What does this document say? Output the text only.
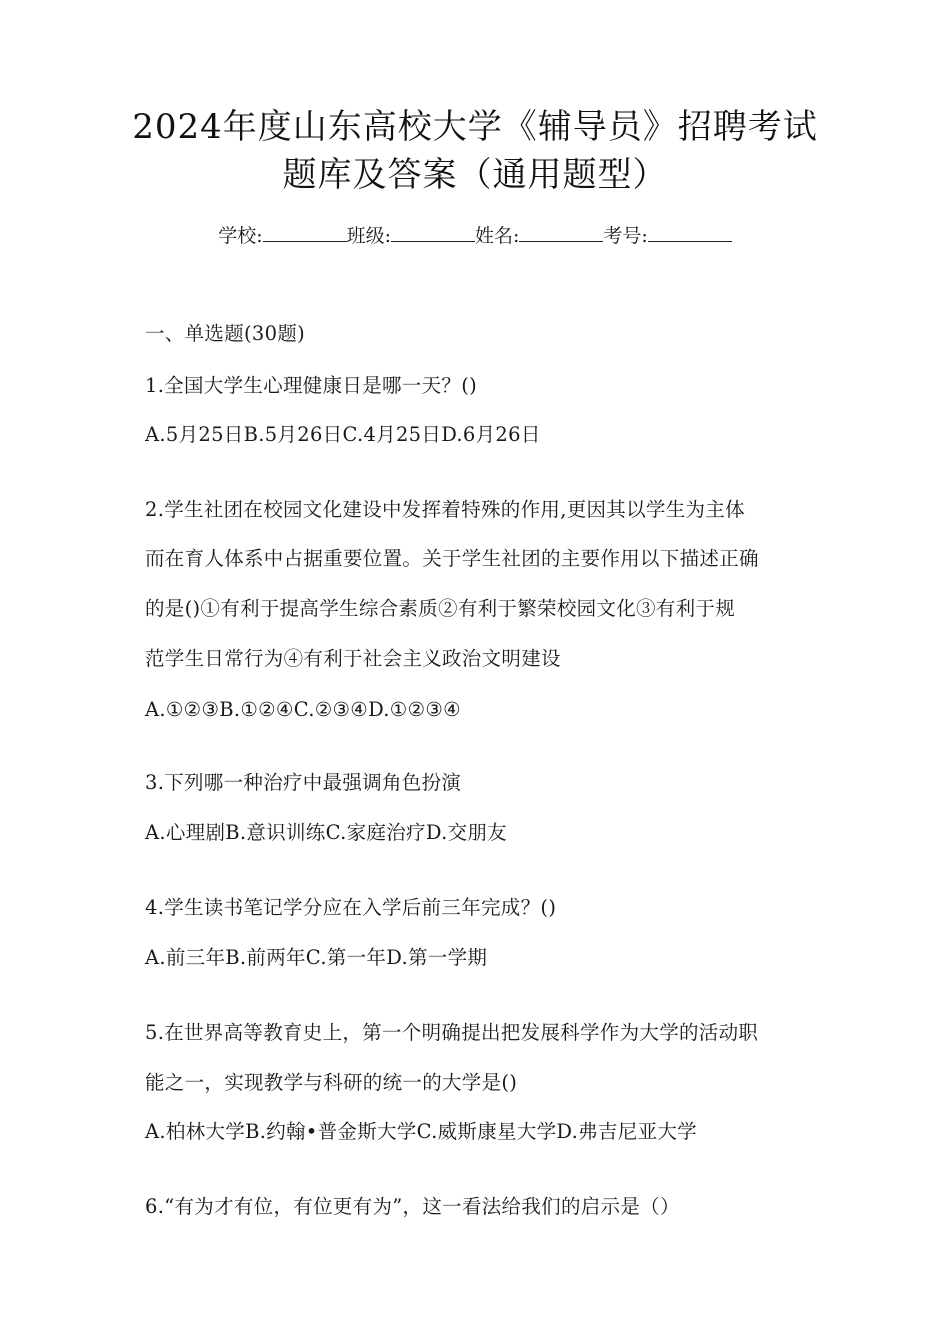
2024年度山东高校大学《辅导员》招聘考试
题库及答案（通用题型）
学校:	班级:	姓名:	考号:
一、单选题(30题)
1.全国大学生心理健康日是哪一天？()
A.5月25日B.5月26日C.4月25日D.6月26日
2.学生社团在校园文化建设中发挥着特殊的作用,更因其以学生为主体
而在育人体系中占据重要位置。关于学生社团的主要作用以下描述正确
的是()①有利于提高学生综合素质②有利于繁荣校园文化③有利于规
范学生日常行为④有利于社会主义政治文明建设
A.①②③B.①②④C.②③④D.①②③④
3.下列哪一种治疗中最强调角色扮演
A.心理剧B.意识训练C.家庭治疗D.交朋友
4.学生读书笔记学分应在入学后前三年完成？()
A.前三年B.前两年C.第一年D.第一学期
5.在世界高等教育史上，第一个明确提出把发展科学作为大学的活动职
能之一，实现教学与科研的统一的大学是()
A.柏林大学B.约翰•普金斯大学C.威斯康星大学D.弗吉尼亚大学
6.“有为才有位，有位更有为”，这一看法给我们的启示是（）
